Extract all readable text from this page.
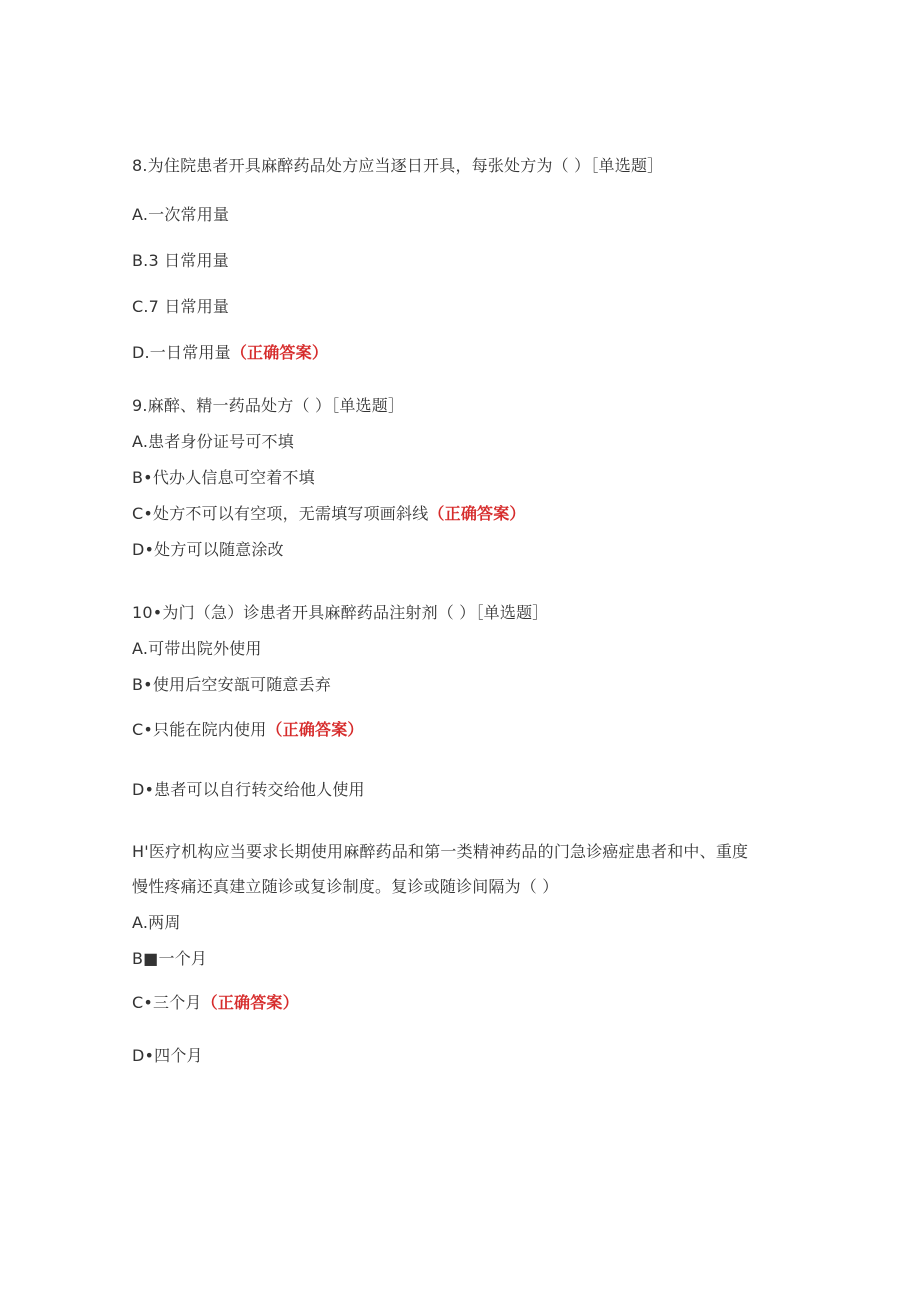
8.为住院患者开具麻醉药品处方应当逐日开具，每张处方为（ ）［单选题］
A.一次常用量
B.3 日常用量
C.7 日常用量
D.一日常用量（正确答案）
9.麻醉、精一药品处方（ ）［单选题］
A.患者身份证号可不填
B•代办人信息可空着不填
C•处方不可以有空项，无需填写项画斜线（正确答案）
D•处方可以随意涂改
10•为门（急）诊患者开具麻醉药品注射剂（ ）［单选题］
A.可带出院外使用
B•使用后空安瓿可随意丢弃
C•只能在院内使用（正确答案）
D•患者可以自行转交给他人使用
H'医疗机构应当要求长期使用麻醉药品和第一类精神药品的门急诊癌症患者和中、重度
慢性疼痛还真建立随诊或复诊制度。复诊或随诊间隔为（ ）
A.两周
B■一个月
C•三个月（正确答案）
D•四个月
